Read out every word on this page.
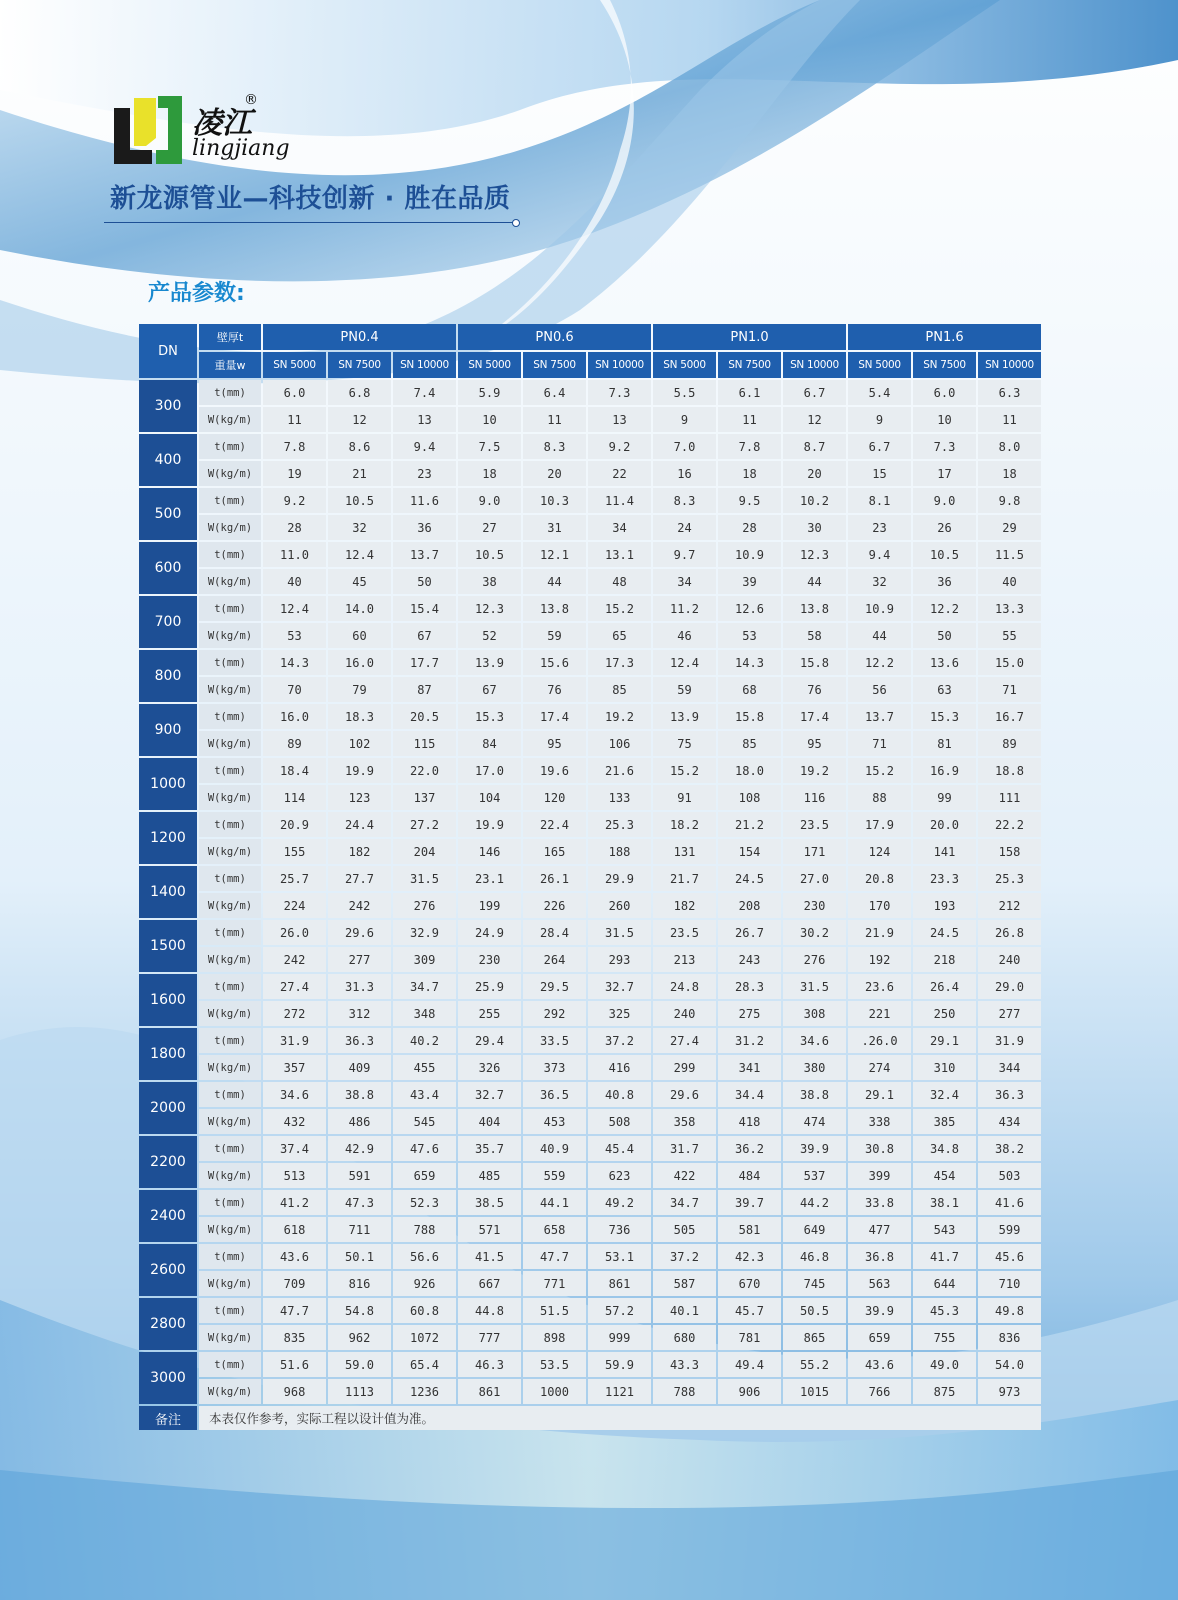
凌江
®
lingjiang
新龙源管业—科技创新 · 胜在品质
产品参数:
DN	壁厚t	PN0.4			PN0.6			PN1.0			PN1.6		
	重量w	SN 5000	SN 7500	SN 10000	SN 5000	SN 7500	SN 10000	SN 5000	SN 7500	SN 10000	SN 5000	SN 7500	SN 10000
300	t(mm)	6.0	6.8	7.4	5.9	6.4	7.3	5.5	6.1	6.7	5.4	6.0	6.3
	W(kg/m)	11	12	13	10	11	13	9	11	12	9	10	11
400	t(mm)	7.8	8.6	9.4	7.5	8.3	9.2	7.0	7.8	8.7	6.7	7.3	8.0
	W(kg/m)	19	21	23	18	20	22	16	18	20	15	17	18
500	t(mm)	9.2	10.5	11.6	9.0	10.3	11.4	8.3	9.5	10.2	8.1	9.0	9.8
	W(kg/m)	28	32	36	27	31	34	24	28	30	23	26	29
600	t(mm)	11.0	12.4	13.7	10.5	12.1	13.1	9.7	10.9	12.3	9.4	10.5	11.5
	W(kg/m)	40	45	50	38	44	48	34	39	44	32	36	40
700	t(mm)	12.4	14.0	15.4	12.3	13.8	15.2	11.2	12.6	13.8	10.9	12.2	13.3
	W(kg/m)	53	60	67	52	59	65	46	53	58	44	50	55
800	t(mm)	14.3	16.0	17.7	13.9	15.6	17.3	12.4	14.3	15.8	12.2	13.6	15.0
	W(kg/m)	70	79	87	67	76	85	59	68	76	56	63	71
900	t(mm)	16.0	18.3	20.5	15.3	17.4	19.2	13.9	15.8	17.4	13.7	15.3	16.7
	W(kg/m)	89	102	115	84	95	106	75	85	95	71	81	89
1000	t(mm)	18.4	19.9	22.0	17.0	19.6	21.6	15.2	18.0	19.2	15.2	16.9	18.8
	W(kg/m)	114	123	137	104	120	133	91	108	116	88	99	111
1200	t(mm)	20.9	24.4	27.2	19.9	22.4	25.3	18.2	21.2	23.5	17.9	20.0	22.2
	W(kg/m)	155	182	204	146	165	188	131	154	171	124	141	158
1400	t(mm)	25.7	27.7	31.5	23.1	26.1	29.9	21.7	24.5	27.0	20.8	23.3	25.3
	W(kg/m)	224	242	276	199	226	260	182	208	230	170	193	212
1500	t(mm)	26.0	29.6	32.9	24.9	28.4	31.5	23.5	26.7	30.2	21.9	24.5	26.8
	W(kg/m)	242	277	309	230	264	293	213	243	276	192	218	240
1600	t(mm)	27.4	31.3	34.7	25.9	29.5	32.7	24.8	28.3	31.5	23.6	26.4	29.0
	W(kg/m)	272	312	348	255	292	325	240	275	308	221	250	277
1800	t(mm)	31.9	36.3	40.2	29.4	33.5	37.2	27.4	31.2	34.6	.26.0	29.1	31.9
	W(kg/m)	357	409	455	326	373	416	299	341	380	274	310	344
2000	t(mm)	34.6	38.8	43.4	32.7	36.5	40.8	29.6	34.4	38.8	29.1	32.4	36.3
	W(kg/m)	432	486	545	404	453	508	358	418	474	338	385	434
2200	t(mm)	37.4	42.9	47.6	35.7	40.9	45.4	31.7	36.2	39.9	30.8	34.8	38.2
	W(kg/m)	513	591	659	485	559	623	422	484	537	399	454	503
2400	t(mm)	41.2	47.3	52.3	38.5	44.1	49.2	34.7	39.7	44.2	33.8	38.1	41.6
	W(kg/m)	618	711	788	571	658	736	505	581	649	477	543	599
2600	t(mm)	43.6	50.1	56.6	41.5	47.7	53.1	37.2	42.3	46.8	36.8	41.7	45.6
	W(kg/m)	709	816	926	667	771	861	587	670	745	563	644	710
2800	t(mm)	47.7	54.8	60.8	44.8	51.5	57.2	40.1	45.7	50.5	39.9	45.3	49.8
	W(kg/m)	835	962	1072	777	898	999	680	781	865	659	755	836
3000	t(mm)	51.6	59.0	65.4	46.3	53.5	59.9	43.3	49.4	55.2	43.6	49.0	54.0
	W(kg/m)	968	1113	1236	861	1000	1121	788	906	1015	766	875	973
备注	本表仅作参考，实际工程以设计值为准。												
